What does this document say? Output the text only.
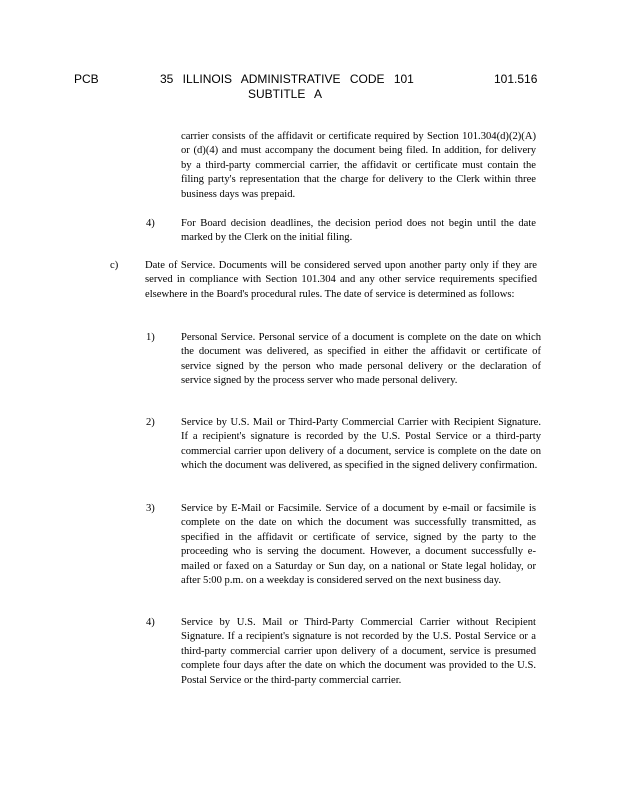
PCB	35 ILLINOIS ADMINISTRATIVE CODE 101
SUBTITLE A
101.516
carrier consists of the affidavit or certificate required by Section 101.304(d)(2)(A) or (d)(4) and must accompany the document being filed. In addition, for delivery by a third-party commercial carrier, the affidavit or certificate must contain the filing party's representation that the charge for delivery to the Clerk within three business days was prepaid.
4) For Board decision deadlines, the decision period does not begin until the date marked by the Clerk on the initial filing.
c)	Date of Service. Documents will be considered served upon another party only if they are served in compliance with Section 101.304 and any other service requirements specified elsewhere in the Board's procedural rules. The date of service is determined as follows:
1) Personal Service. Personal service of a document is complete on the date on which the document was delivered, as specified in either the affidavit or certificate of service signed by the person who made personal delivery or the declaration of service signed by the process server who made personal delivery.
2) Service by U.S. Mail or Third-Party Commercial Carrier with Recipient Signature. If a recipient's signature is recorded by the U.S. Postal Service or a third-party commercial carrier upon delivery of a document, service is complete on the date on which the document was delivered, as specified in the signed delivery confirmation.
3) Service by E-Mail or Facsimile. Service of a document by e-mail or facsimile is complete on the date on which the document was successfully transmitted, as specified in the affidavit or certificate of service, signed by the party to the proceeding who is serving the document. However, a document successfully e-mailed or faxed on a Saturday or Sun day, on a national or State legal holiday, or after 5:00 p.m. on a weekday is considered served on the next business day.
4) Service by U.S. Mail or Third-Party Commercial Carrier without Recipient Signature. If a recipient's signature is not recorded by the U.S. Postal Service or a third-party commercial carrier upon delivery of a document, service is presumed complete four days after the date on which the document was provided to the U.S. Postal Service or the third-party commercial carrier.
